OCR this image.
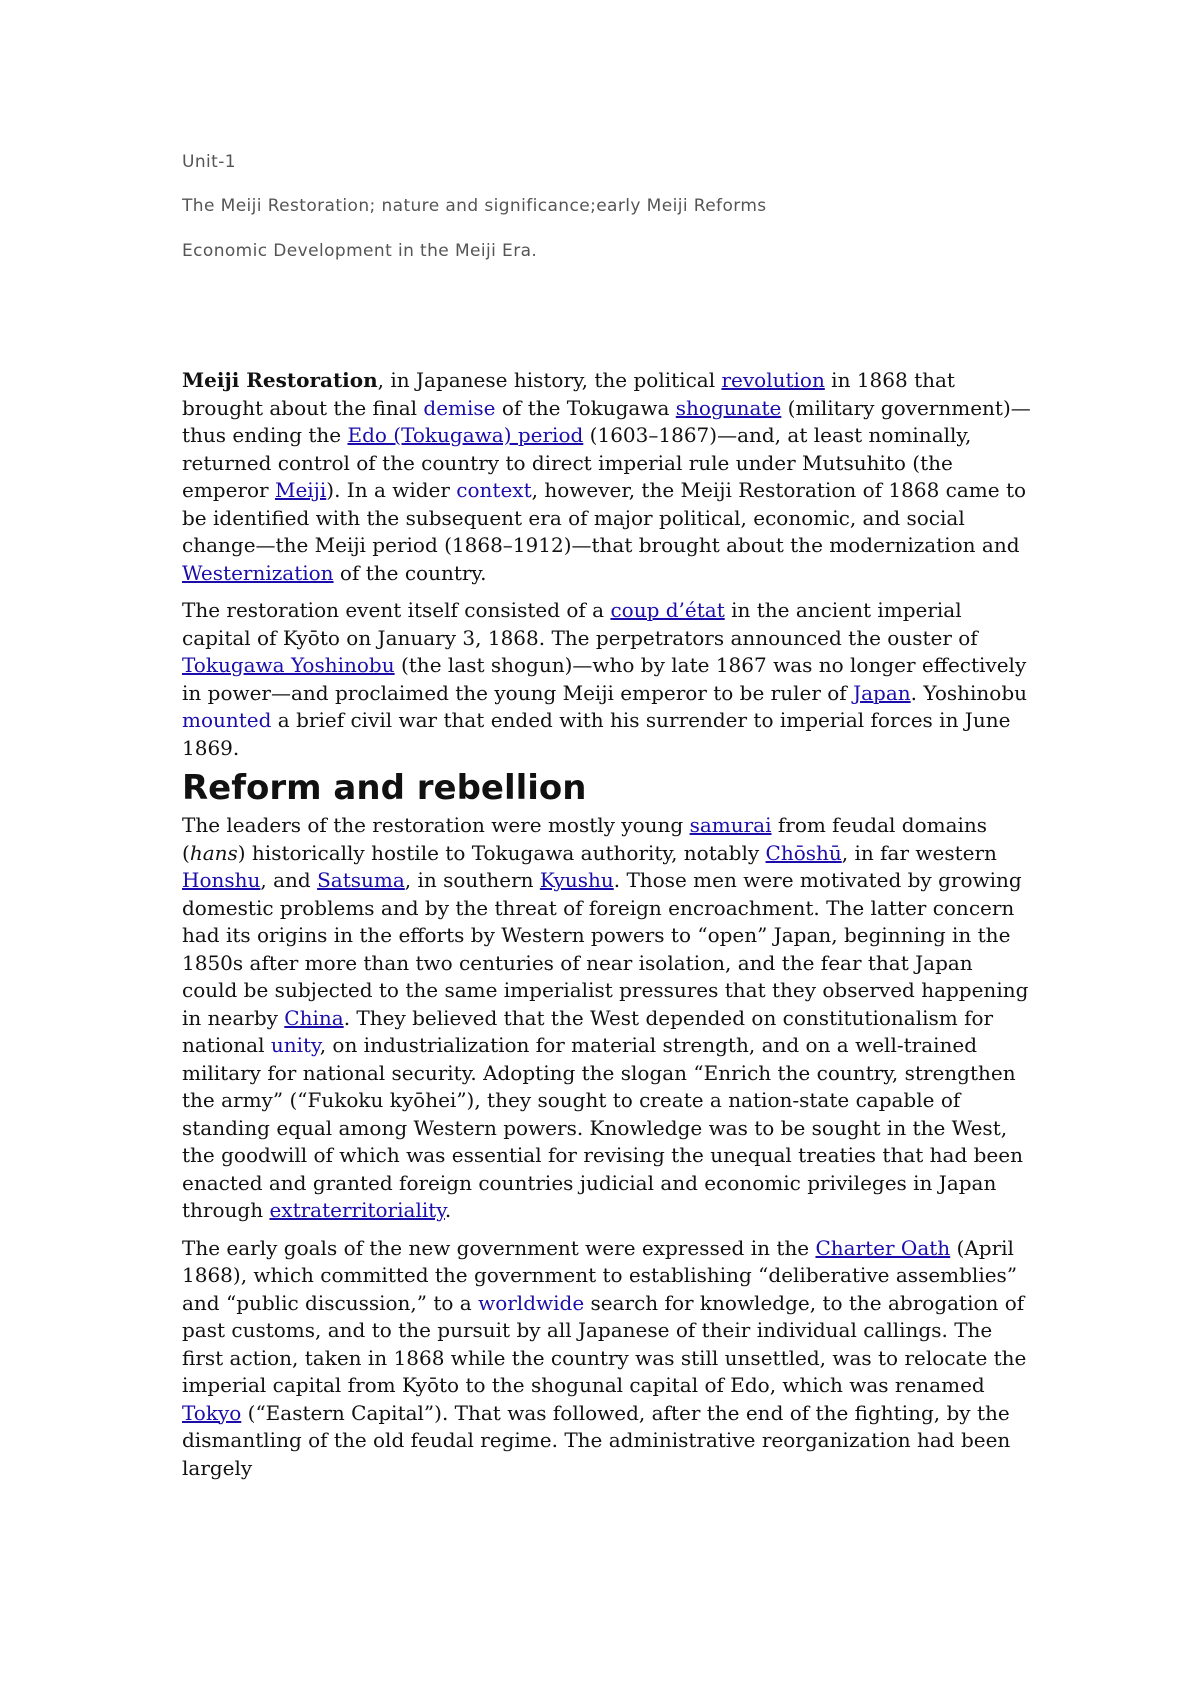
Unit-1

The Meiji Restoration; nature and significance;early Meiji Reforms

Economic Development in the Meiji Era.

Meiji Restoration, in Japanese history, the political revolution in 1868 that brought about the final demise of the Tokugawa shogunate (military government)—thus ending the Edo (Tokugawa) period (1603–1867)—and, at least nominally, returned control of the country to direct imperial rule under Mutsuhito (the emperor Meiji). In a wider context, however, the Meiji Restoration of 1868 came to be identified with the subsequent era of major political, economic, and social change—the Meiji period (1868–1912)—that brought about the modernization and Westernization of the country.

The restoration event itself consisted of a coup d’état in the ancient imperial capital of Kyōto on January 3, 1868. The perpetrators announced the ouster of Tokugawa Yoshinobu (the last shogun)—who by late 1867 was no longer effectively in power—and proclaimed the young Meiji emperor to be ruler of Japan. Yoshinobu mounted a brief civil war that ended with his surrender to imperial forces in June 1869.

Reform and rebellion

The leaders of the restoration were mostly young samurai from feudal domains (hans) historically hostile to Tokugawa authority, notably Chōshū, in far western Honshu, and Satsuma, in southern Kyushu. Those men were motivated by growing domestic problems and by the threat of foreign encroachment. The latter concern had its origins in the efforts by Western powers to “open” Japan, beginning in the 1850s after more than two centuries of near isolation, and the fear that Japan could be subjected to the same imperialist pressures that they observed happening in nearby China. They believed that the West depended on constitutionalism for national unity, on industrialization for material strength, and on a well-trained military for national security. Adopting the slogan “Enrich the country, strengthen the army” (“Fukoku kyōhei”), they sought to create a nation-state capable of standing equal among Western powers. Knowledge was to be sought in the West, the goodwill of which was essential for revising the unequal treaties that had been enacted and granted foreign countries judicial and economic privileges in Japan through extraterritoriality.

The early goals of the new government were expressed in the Charter Oath (April 1868), which committed the government to establishing “deliberative assemblies” and “public discussion,” to a worldwide search for knowledge, to the abrogation of past customs, and to the pursuit by all Japanese of their individual callings. The first action, taken in 1868 while the country was still unsettled, was to relocate the imperial capital from Kyōto to the shogunal capital of Edo, which was renamed Tokyo (“Eastern Capital”). That was followed, after the end of the fighting, by the dismantling of the old feudal regime. The administrative reorganization had been largely
